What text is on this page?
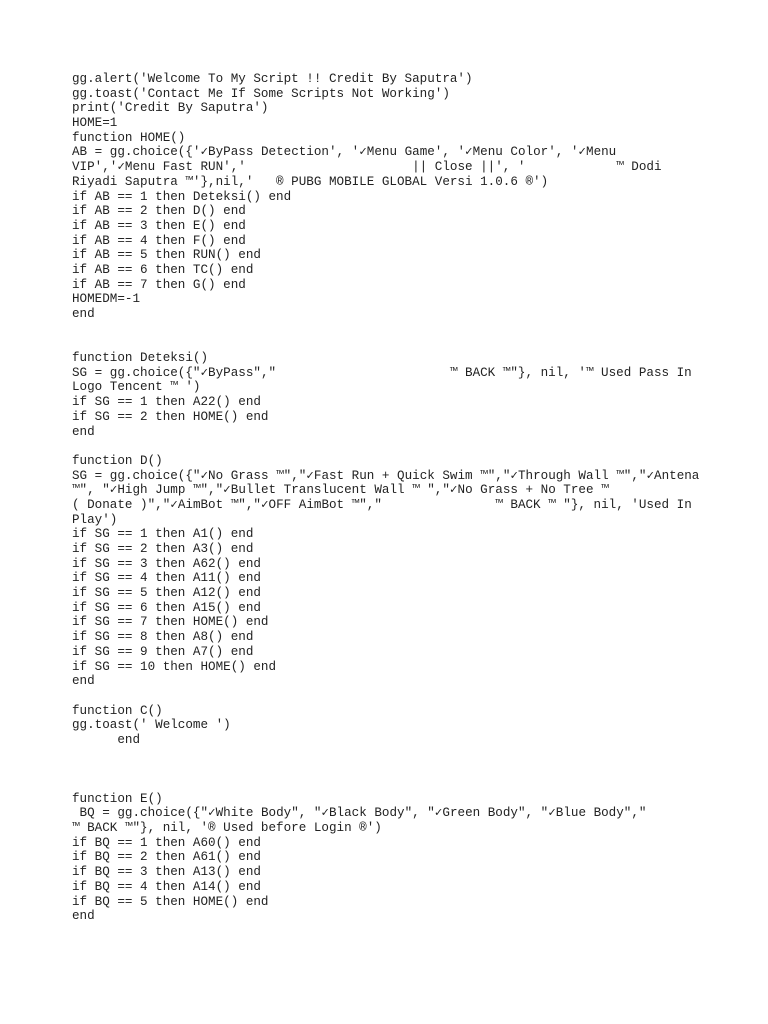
gg.alert('Welcome To My Script !! Credit By Saputra')
gg.toast('Contact Me If Some Scripts Not Working')
print('Credit By Saputra')
HOME=1
function HOME()
AB = gg.choice({'✓ByPass Detection', '✓Menu Game', '✓Menu Color', '✓Menu
VIP','✓Menu Fast RUN','                      || Close ||', '            ™ Dodi
Riyadi Saputra ™'},nil,'   ® PUBG MOBILE GLOBAL Versi 1.0.6 ®')
if AB == 1 then Deteksi() end
if AB == 2 then D() end
if AB == 3 then E() end
if AB == 4 then F() end
if AB == 5 then RUN() end
if AB == 6 then TC() end
if AB == 7 then G() end
HOMEDM=-1
end
function Deteksi()
SG = gg.choice({"✓ByPass","                       ™ BACK ™"}, nil, '™ Used Pass In
Logo Tencent ™ ')
if SG == 1 then A22() end
if SG == 2 then HOME() end
end
function D()
SG = gg.choice({"✓No Grass ™","✓Fast Run + Quick Swim ™","✓Through Wall ™","✓Antena
™", "✓High Jump ™","✓Bullet Translucent Wall ™ ","✓No Grass + No Tree ™
( Donate )","✓AimBot ™","✓OFF AimBot ™","               ™ BACK ™ "}, nil, 'Used In
Play')
if SG == 1 then A1() end
if SG == 2 then A3() end
if SG == 3 then A62() end
if SG == 4 then A11() end
if SG == 5 then A12() end
if SG == 6 then A15() end
if SG == 7 then HOME() end
if SG == 8 then A8() end
if SG == 9 then A7() end
if SG == 10 then HOME() end
end
function C()
gg.toast(' Welcome ')
end
function E()
BQ = gg.choice({"✓White Body", "✓Black Body", "✓Green Body", "✓Blue Body","
™ BACK ™"}, nil, '® Used before Login ®')
if BQ == 1 then A60() end
if BQ == 2 then A61() end
if BQ == 3 then A13() end
if BQ == 4 then A14() end
if BQ == 5 then HOME() end
end
